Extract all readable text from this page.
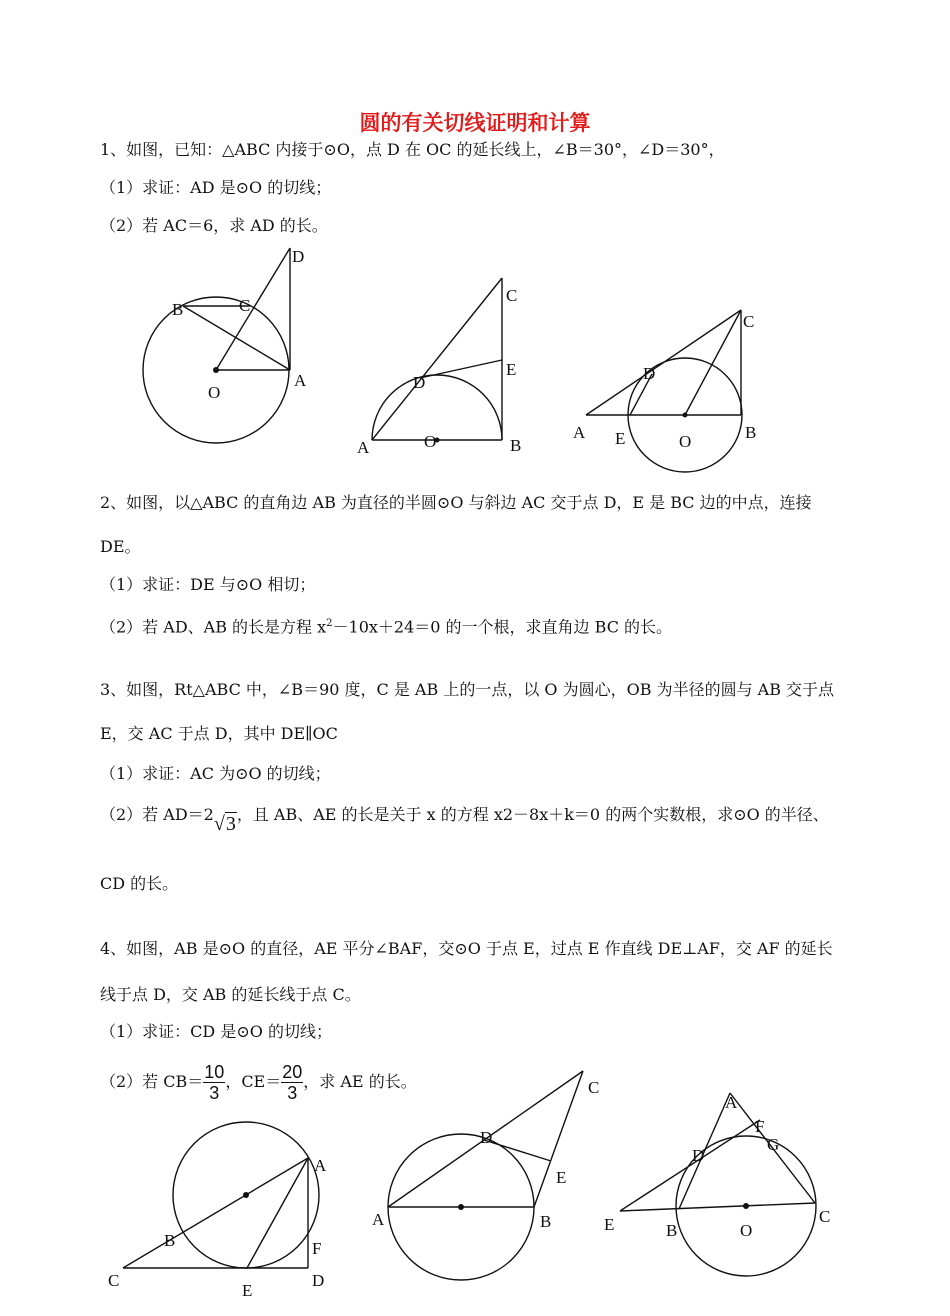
圆的有关切线证明和计算
1、如图，已知：△ABC 内接于⊙O，点 D 在 OC 的延长线上，∠B＝30°，∠D＝30°，
（1）求证：AD 是⊙O 的切线；
（2）若 AC＝6，求 AD 的长。
D
B	C
O
A
C
E
D
A	O	B
C
D
A E	O	B
A
B	F
C
E
D
D
C
E
A	B
A
F
G
D
E	B	O
C
2、如图，以△ABC 的直角边 AB 为直径的半圆⊙O 与斜边 AC 交于点 D，E 是 BC 边的中点，连接
DE。
（1）求证：DE 与⊙O 相切；
（2）若 AD、AB 的长是方程 $x^2-10x+24=0$ 的一个根，求直角边 BC 的长。
3、如图，Rt△ABC 中，∠B＝90 度，C 是 AB 上的一点，以 O 为圆心，OB 为半径的圆与 AB 交于点
E，交 AC 于点 D，其中 DE∥OC
（1）求证：AC 为⊙O 的切线；
（2）若 AD＝2√3，且 AB、AE 的长是关于 x 的方程 x2－8x＋k＝0 的两个实数根，求⊙O 的半径、
CD 的长。
4、如图，AB 是⊙O 的直径，AE 平分∠BAF，交⊙O 于点 E，过点 E 作直线 DE⊥AF，交 AF 的延长
线于点 D，交 AB 的延长线于点 C。
（1）求证：CD 是⊙O 的切线；
（2）若 $CB= \frac{10}{3}$ ，$CE= \frac{20}{3}$ ，求 AE 的长。
